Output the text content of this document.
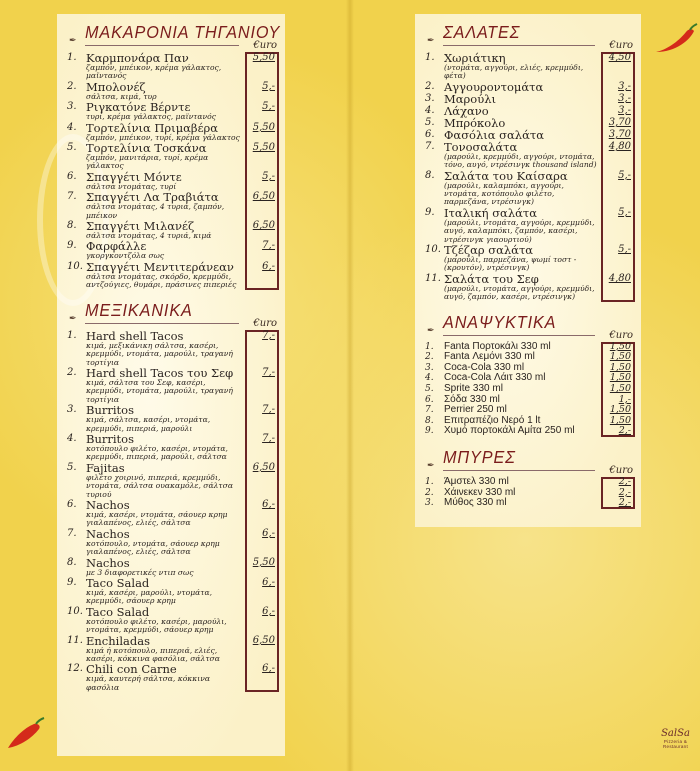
✒ ΜΑΚΑΡΟΝΙΑ ΤΗΓΑΝΙΟΥ
€uro
1. Καρμπονάρα Παν
ζαμπόν, μπέικον, κρέμα γάλακτος, μαϊντανός
5,50
2. Μπολονέζ
σάλτσα, κιμά, τυρ
5,-
3. Ριγκατόνε Βέρντε
τυρί, κρέμα γάλακτος, μαϊντανός
5,-
4. Τορτελίνια Πριμαβέρα
ζαμπόν, μπέικον, τυρί, κρέμα γάλακτος
5,50
5. Τορτελίνια Τοσκάνα
ζαμπόν, μανιτάρια, τυρί, κρέμα γάλακτος
5,50
6. Σπαγγέτι Μόντε
σάλτσα ντομάτας, τυρί
5,-
7. Σπαγγέτι Λα Τραβιάτα
σάλτσα ντομάτας, 4 τυριά, ζαμπόν, μπέικον
6,50
8. Σπαγγέτι Μιλανέζ
σάλτσα ντομάτας, 4 τυριά, κιμά
6,50
9. Φαρφάλλε
γκοργκοντζόλα σως
7,-
10. Σπαγγέτι Μεντιτεράνεαν
σάλτσα ντομάτας, σκόρδο, κρεμμύδι, αντζούγιες, θυμάρι, πράσινες πιπεριές
6,-
✒ ΜΕΞΙΚΑΝΙΚΑ
€uro
1. Hard shell Tacos
κιμά, μεξικάνικη σάλτσα, κασέρι, κρεμμύδι, ντομάτα, μαρούλι, τραγανή τορτίγια
7,-
2. Hard shell Tacos του Σεφ
κιμά, σάλτσα του Σεφ, κασέρι, κρεμμύδι, ντομάτα, μαρούλι, τραγανή τορτίγια
7,-
3. Burritos
κιμά, σάλτσα, κασέρι, ντομάτα, κρεμμύδι, πιπεριά, μαρούλι
7,-
4. Burritos
κοτόπουλο φιλέτο, κασέρι, ντομάτα, κρεμμύδι, πιπεριά, μαρούλι, σάλτσα
7,-
5. Fajitas
φιλέτο χοιρινό, πιπεριά, κρεμμύδι, ντομάτα, σάλτσα ουακαμόλε, σάλτσα τυριού
6,50
6. Nachos
κιμά, κασέρι, ντομάτα, σάουερ κρημ γιαλαπένος, ελιές, σάλτσα
6,-
7. Nachos
κοτόπουλο, ντομάτα, σάουερ κρημ γιαλαπένος, ελιές, σάλτσα
6,-
8. Nachos
με 3 διαφορετικές ντιπ σως
5,50
9. Taco Salad
κιμά, κασέρι, μαρούλι, ντομάτα, κρεμμύδι, σάουερ κρημ
6,-
10. Taco Salad
κοτόπουλο φιλέτο, κασέρι, μαρούλι, ντομάτα, κρεμμύδι, σάουερ κρημ
6,-
11. Enchiladas
κιμά ή κοτόπουλο, πιπεριά, ελιές, κασέρι, κόκκινα φασόλια, σάλτσα
6,50
12. Chili con Carne
κιμά, καυτερή σάλτσα, κόκκινα φασόλια
6,-
✒ ΣΑΛΑΤΕΣ
€uro
1. Χωριάτικη
(ντομάτα, αγγούρι, ελιές, κρεμμύδι, φέτα)
4,50
2. Αγγουροντομάτα	3,-
3. Μαρούλι	3,-
4. Λάχανο	3,-
5. Μπρόκολο	3,70
6. Φασόλια σαλάτα	3,70
7. Τονοσαλάτα
(μαρούλι, κρεμμύδι, αγγούρι, ντομάτα, τόνο, αυγό, ντρέσινγκ thousand island)
4,80
8. Σαλάτα του Καίσαρα
(μαρούλι, καλαμπόκι, αγγούρι, ντομάτα, κοτόπουλο φιλέτο, παρμεζάνα, ντρέσινγκ)
5,-
9. Ιταλική σαλάτα
(μαρούλι, ντομάτα, αγγούρι, κρεμμύδι, αυγό, καλαμπόκι, ζαμπόν, κασέρι, ντρέσινγκ γιαουρτιού)
5,-
10. Τζέζαρ σαλάτα
(μαρούλι, παρμεζάνα, ψωμί τοστ - (κρουτόν), ντρέσινγκ)
5,-
11. Σαλάτα του Σεφ
(μαρούλι, ντομάτα, αγγούρι, κρεμμύδι, αυγό, ζαμπόν, κασέρι, ντρέσινγκ)
4,80
✒ ΑΝΑΨΥΚΤΙΚΑ
€uro
1.	Fanta Πορτοκάλι 330 ml	1,50
2.	Fanta Λεμόνι 330 ml	1,50
3.	Coca-Cola 330 ml	1,50
4.	Coca-Cola Λάιτ 330 ml	1,50
5.	Sprite 330 ml	1,50
6.	Σόδα 330 ml	1,-
7.	Perrier 250 ml	1,50
8.	Επιτραπέζιο Νερό 1 lt	1,50
9.	Χυμό πορτοκάλι Αμίτα 250 ml	2,-
✒ ΜΠΥΡΕΣ
€uro
1.	Άμστελ 330 ml	2,-
2.	Χάινεκεν 330 ml	2,-
3.	Μύθος 330 ml	2,-
SalSa
Pizzeria & Restaurant
